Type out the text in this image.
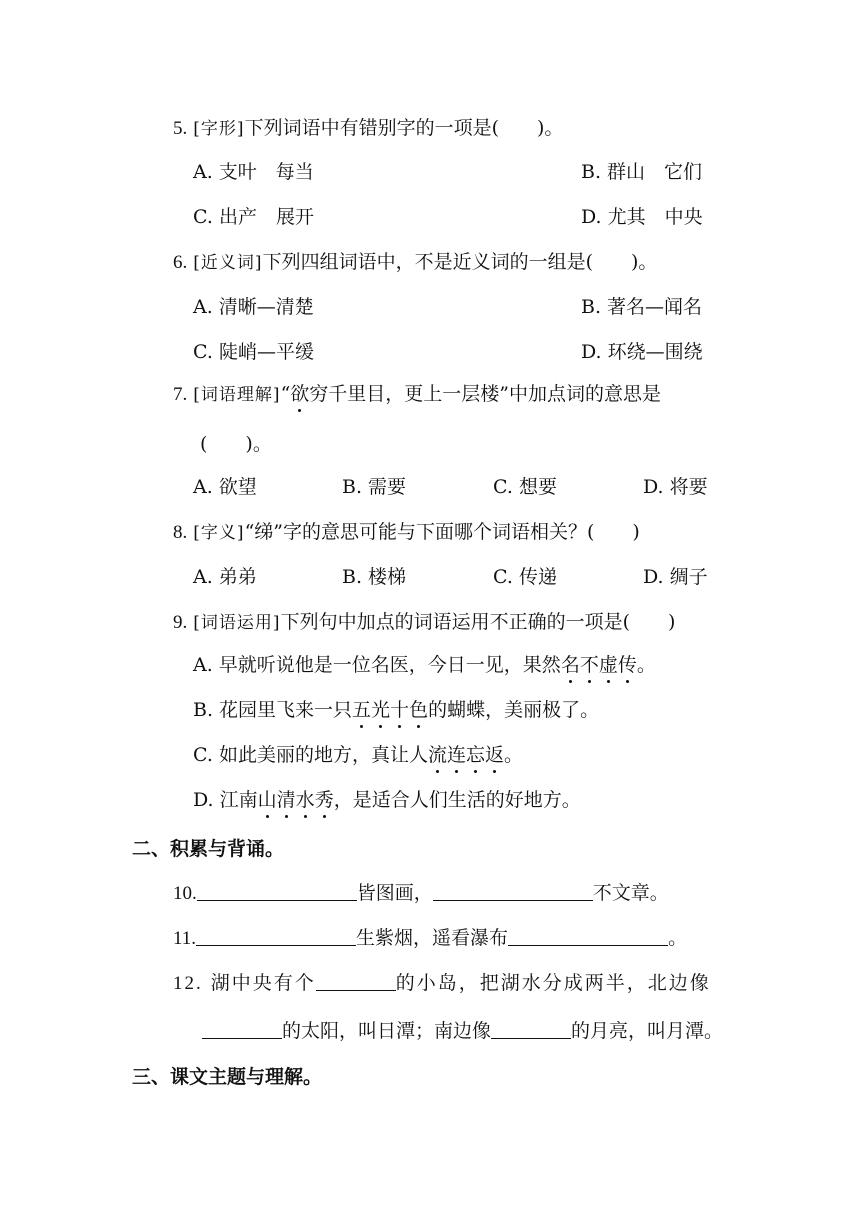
5. [字形]下列词语中有错别字的一项是(　　)。
A. 支叶　每当	B. 群山　它们
C. 出产　展开	D. 尤其　中央
6. [近义词]下列四组词语中，不是近义词的一组是(　　)。
A. 清晰—清楚	B. 著名—闻名
C. 陡峭—平缓	D. 环绕—围绕
7. [词语理解]“欲穷千里目，更上一层楼”中加点词的意思是
(　　)。
A. 欲望	B. 需要	C. 想要	D. 将要
8. [字义]“绨”字的意思可能与下面哪个词语相关？(　　)
A. 弟弟	B. 楼梯	C. 传递	D. 绸子
9. [词语运用]下列句中加点的词语运用不正确的一项是(　　)
A. 早就听说他是一位名医，今日一见，果然名不虚传。
B. 花园里飞来一只五光十色的蝴蝶，美丽极了。
C. 如此美丽的地方，真让人流连忘返。
D. 江南山清水秀，是适合人们生活的好地方。
二、积累与背诵。
10.	皆图画，	不文章。
11.	生紫烟，遥看瀑布	。
12. 湖中央有个	的小岛，把湖水分成两半，北边像
的太阳，叫日潭；南边像	的月亮，叫月潭。
三、课文主题与理解。
